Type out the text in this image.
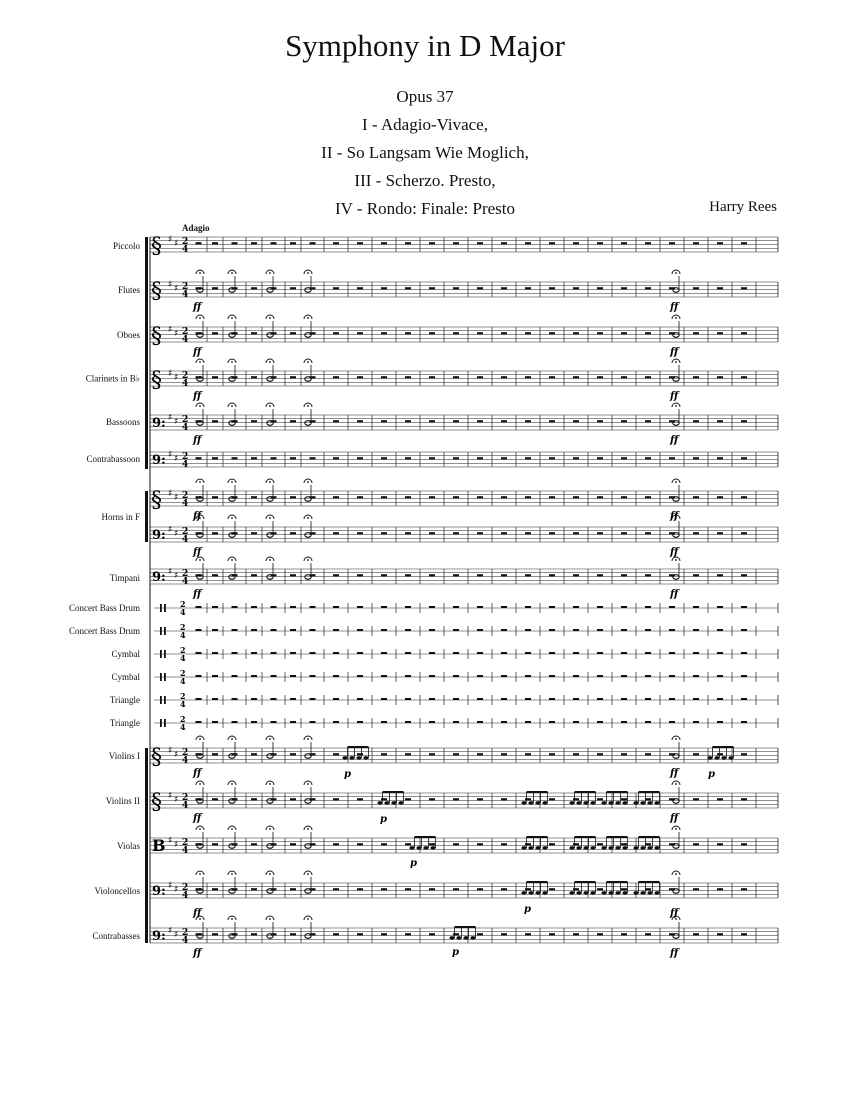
Symphony in D Major
Opus 37
I - Adagio-Vivace,
II - So Langsam Wie Moglich,
III - Scherzo. Presto,
IV - Rondo: Finale: Presto	Harry Rees
Adagio
Piccolo
Flutes
Oboes
Clarinets in B♭
Bassoons
Contrabassoon
Horns in F
Timpani
Concert Bass Drum
Concert Bass Drum
Cymbal
Cymbal
Triangle
Triangle
Violins I
Violins II
Violas
Violoncellos
Contrabasses
§ ♯ ♯ 2
4
§ ♯ ♯ 2
4
§ ♯ ♯ 2
4
§ ♯ ♯ 2
4
9: ♯ ♯ 2
4
9: ♯ ♯ 2
4
§ ♯ ♯ 2
4
9: ♯ ♯ 2
4
9: ♯ ♯ 2
4
2
4
2
4
2
4
2
4
2
4
2
4
§ ♯ ♯ 2
4
§ ♯ ♯ 2
4
B ♯ ♯ 2
4
9: ♯ ♯ 2
4
9: ♯ ♯ 2
4
ff
ff
ff
ff
ff
ff
ff
ff
ff
ff
ff
ff
ff
ff
ff
ff
ff
ff
ff
ff
ff
ff
p
p
p
p
p
p
